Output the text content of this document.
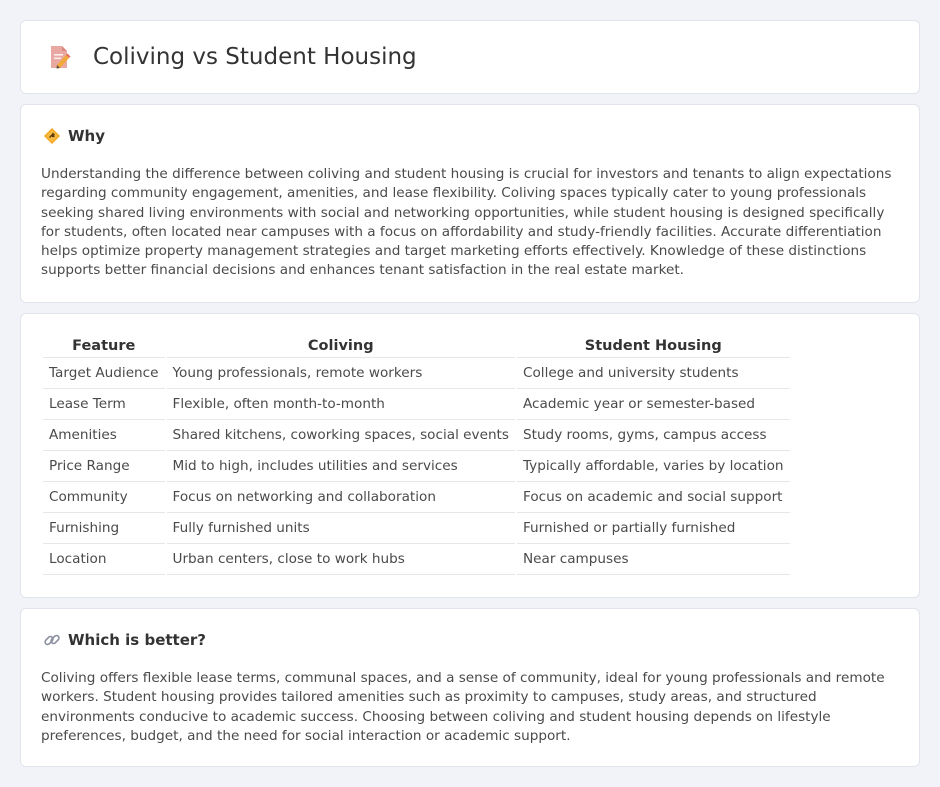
Coliving vs Student Housing
Why

Understanding the difference between coliving and student housing is crucial for investors and tenants to align expectations regarding community engagement, amenities, and lease flexibility. Coliving spaces typically cater to young professionals seeking shared living environments with social and networking opportunities, while student housing is designed specifically for students, often located near campuses with a focus on affordability and study-friendly facilities. Accurate differentiation helps optimize property management strategies and target marketing efforts effectively. Knowledge of these distinctions supports better financial decisions and enhances tenant satisfaction in the real estate market.

Feature	Coliving	Student Housing
Target Audience	Young professionals, remote workers	College and university students
Lease Term	Flexible, often month-to-month	Academic year or semester-based
Amenities	Shared kitchens, coworking spaces, social events	Study rooms, gyms, campus access
Price Range	Mid to high, includes utilities and services	Typically affordable, varies by location
Community	Focus on networking and collaboration	Focus on academic and social support
Furnishing	Fully furnished units	Furnished or partially furnished
Location	Urban centers, close to work hubs	Near campuses
Which is better?

Coliving offers flexible lease terms, communal spaces, and a sense of community, ideal for young professionals and remote workers. Student housing provides tailored amenities such as proximity to campuses, study areas, and structured environments conducive to academic success. Choosing between coliving and student housing depends on lifestyle preferences, budget, and the need for social interaction or academic support.
